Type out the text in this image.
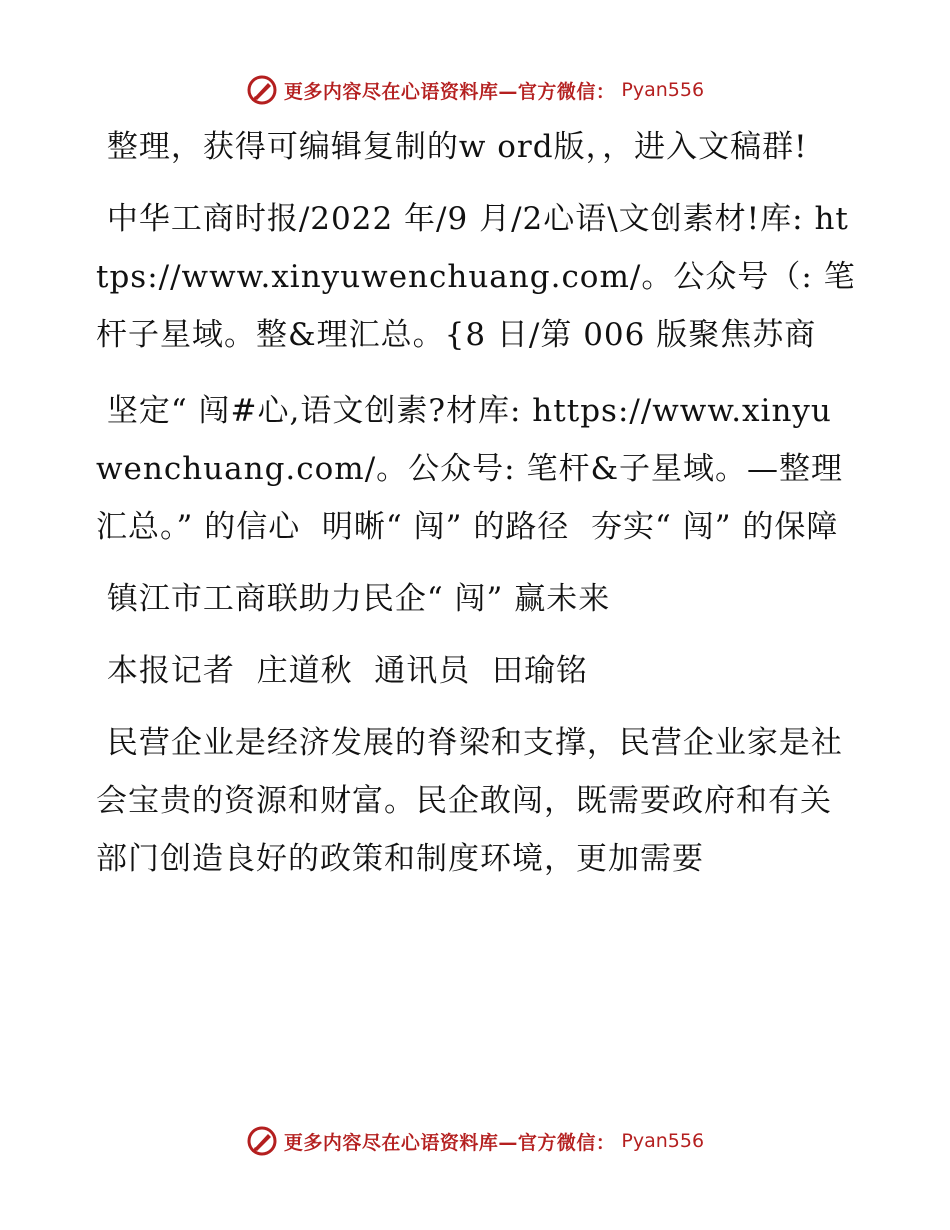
更多内容尽在心语资料库—官方微信： Pyan556

整理，获得可编辑复制的w ord版，，进入文稿群!

中华工商时报/2022 年/9 月/2心语\文创素材!库: https://www.xinyuwenchuang.com/。公众号（: 笔杆子星域。整&理汇总。{8 日/第 006 版聚焦苏商

坚定“ 闯#心,语文创素?材库: https://www.xinyuwenchuang.com/。公众号: 笔杆&子星域。—整理汇总。” 的信心  明晰“ 闯” 的路径  夯实“ 闯” 的保障

镇江市工商联助力民企“ 闯” 赢未来

本报记者  庄道秋  通讯员  田瑜铭

民营企业是经济发展的脊梁和支撑，民营企业家是社会宝贵的资源和财富。民企敢闯，既需要政府和有关部门创造良好的政策和制度环境，更加需要

更多内容尽在心语资料库—官方微信： Pyan556
